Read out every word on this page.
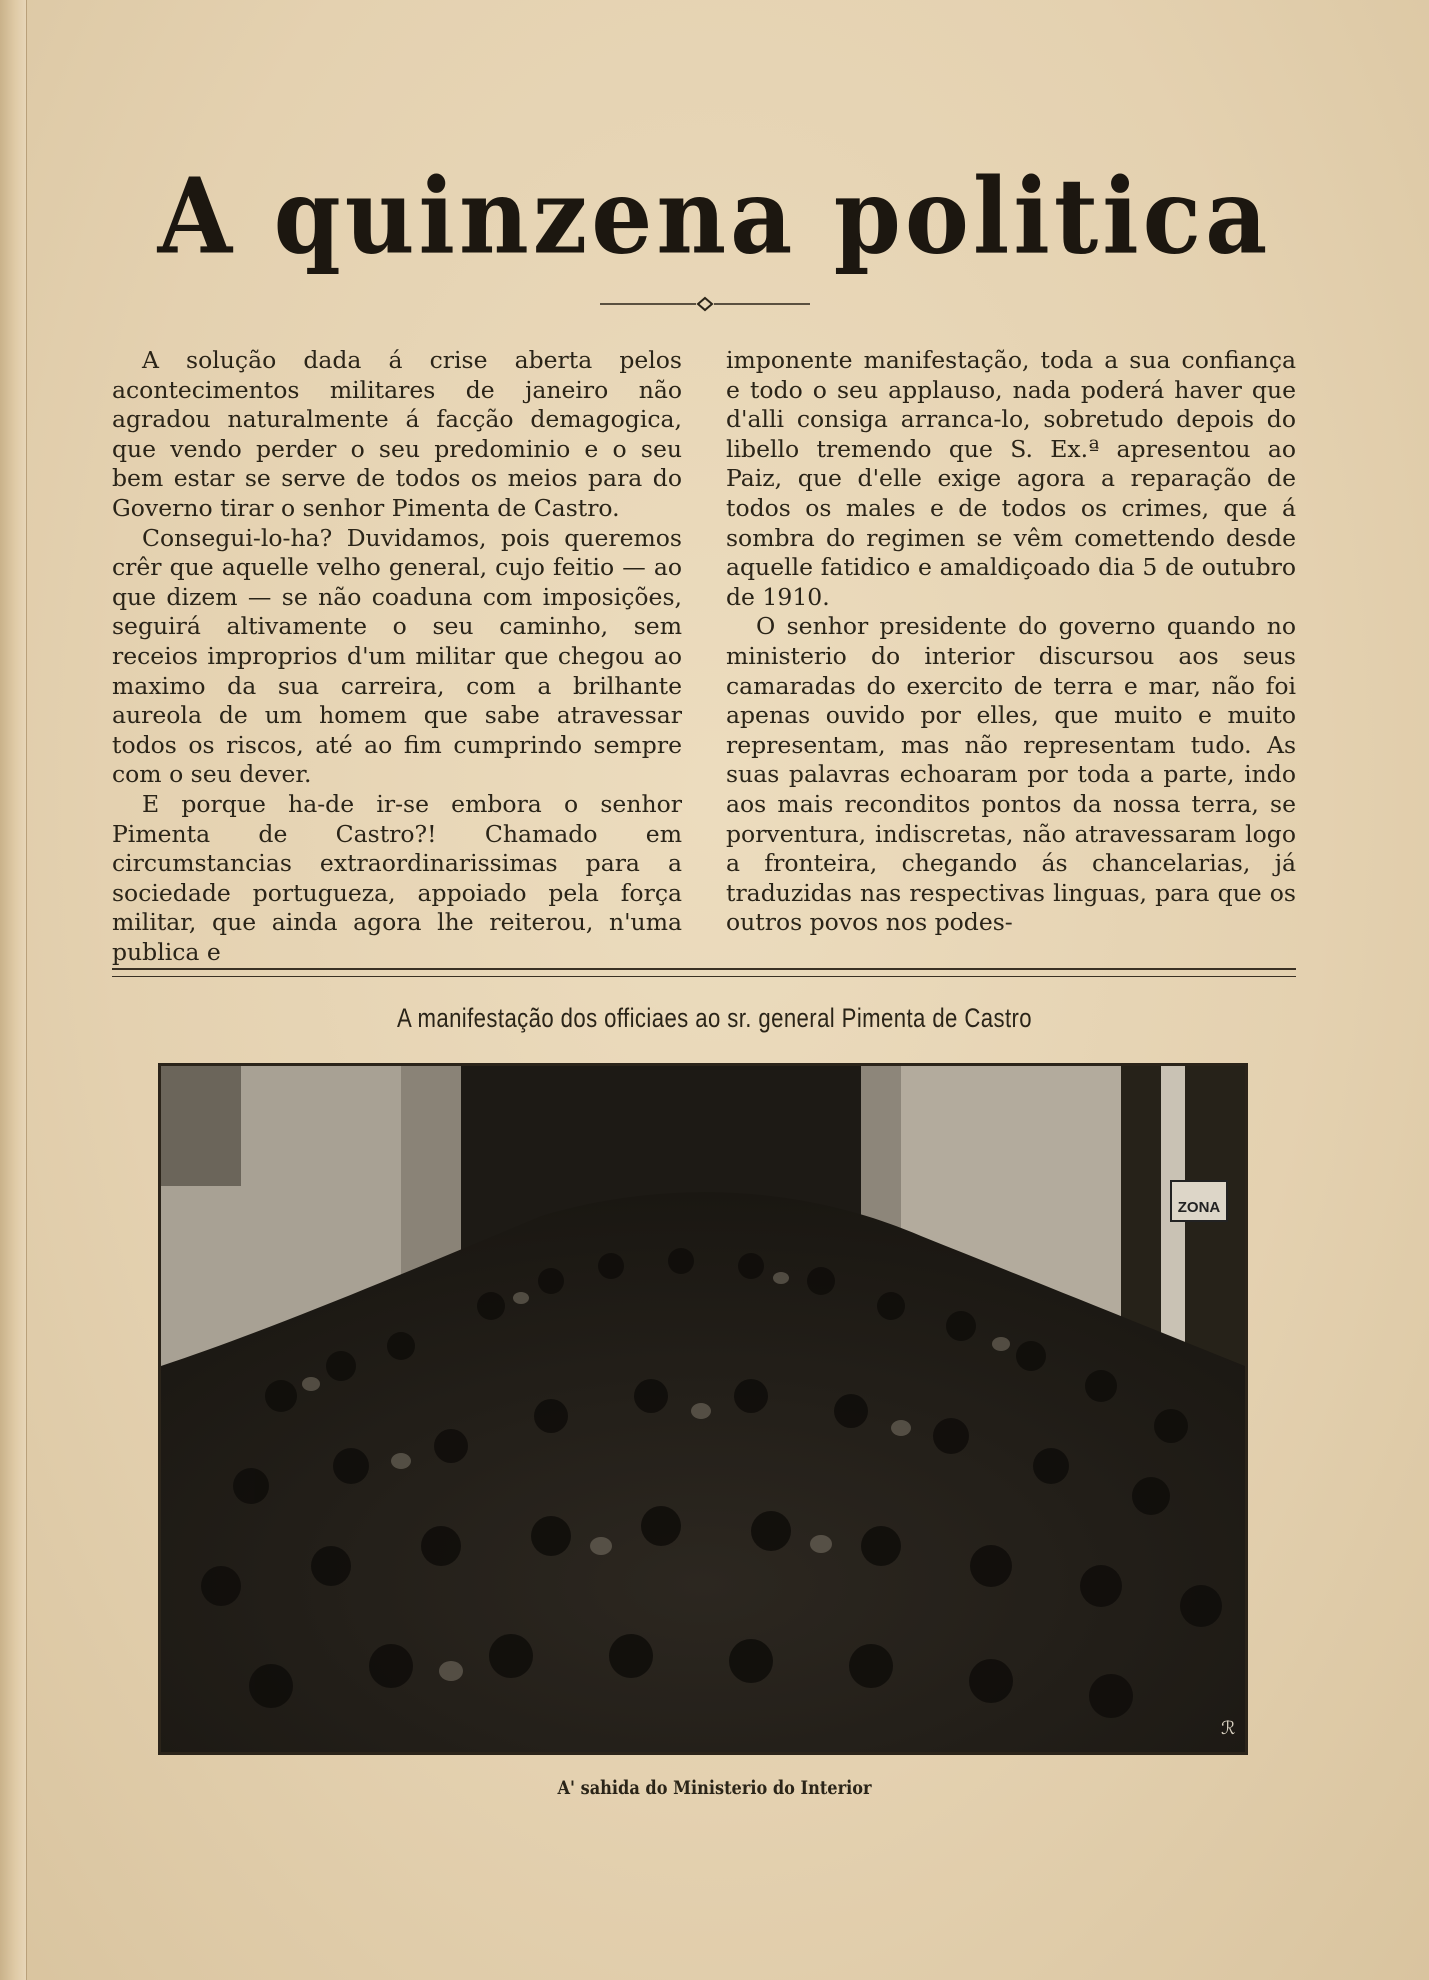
A quinzena politica

A solução dada á crise aberta pelos acontecimentos militares de janeiro não agradou naturalmente á facção demagogica, que vendo perder o seu predominio e o seu bem estar se serve de todos os meios para do Governo tirar o senhor Pimenta de Castro.

Consegui-lo-ha? Duvidamos, pois queremos crêr que aquelle velho general, cujo feitio — ao que dizem — se não coaduna com imposições, seguirá altivamente o seu caminho, sem receios improprios d'um militar que chegou ao maximo da sua carreira, com a brilhante aureola de um homem que sabe atravessar todos os riscos, até ao fim cumprindo sempre com o seu dever.

E porque ha-de ir-se embora o senhor Pimenta de Castro?! Chamado em circumstancias extraordinarissimas para a sociedade portugueza, appoiado pela força militar, que ainda agora lhe reiterou, n'uma publica e

imponente manifestação, toda a sua confiança e todo o seu applauso, nada poderá haver que d'alli consiga arranca-lo, sobretudo depois do libello tremendo que S. Ex.ª apresentou ao Paiz, que d'elle exige agora a reparação de todos os males e de todos os crimes, que á sombra do regimen se vêm comettendo desde aquelle fatidico e amaldiçoado dia 5 de outubro de 1910.

O senhor presidente do governo quando no ministerio do interior discursou aos seus camaradas do exercito de terra e mar, não foi apenas ouvido por elles, que muito e muito representam, mas não representam tudo. As suas palavras echoaram por toda a parte, indo aos mais reconditos pontos da nossa terra, se porventura, indiscretas, não atravessaram logo a fronteira, chegando ás chancelarias, já traduzidas nas respectivas linguas, para que os outros povos nos podes-

A manifestação dos officiaes ao sr. general Pimenta de Castro
ZONA
ℛ
A' sahida do Ministerio do Interior
